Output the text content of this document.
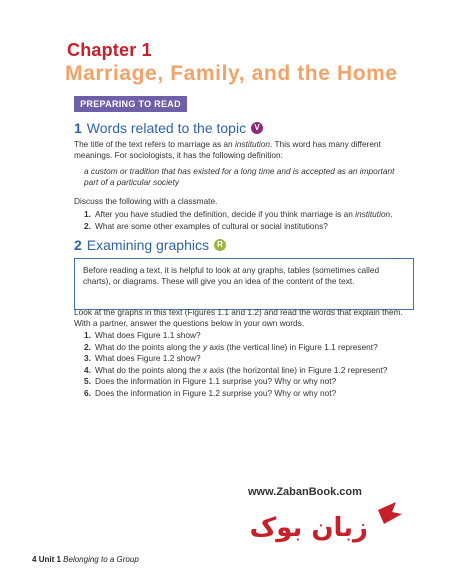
Chapter 1
Marriage, Family, and the Home
PREPARING TO READ
1 Words related to the topic	V
The title of the text refers to marriage as an institution. This word has many different meanings. For sociologists, it has the following definition:
a custom or tradition that has existed for a long time and is accepted as an important part of a particular society
Discuss the following with a classmate.
1. After you have studied the definition, decide if you think marriage is an institution.
2. What are some other examples of cultural or social institutions?
2 Examining graphics	R

Before reading a text, it is helpful to look at any graphs, tables (sometimes called charts), or diagrams. These will give you an idea of the content of the text.

Look at the graphs in this text (Figures 1.1 and 1.2) and read the words that explain them. With a partner, answer the questions below in your own words.
1. What does Figure 1.1 show?
2. What do the points along the y axis (the vertical line) in Figure 1.1 represent?
3. What does Figure 1.2 show?
4. What do the points along the x axis (the horizontal line) in Figure 1.2 represent?
5. Does the information in Figure 1.1 surprise you? Why or why not?
6. Does the information in Figure 1.2 surprise you? Why or why not?
www.ZabanBook.com
زبان بوک
4 Unit 1 Belonging to a Group
